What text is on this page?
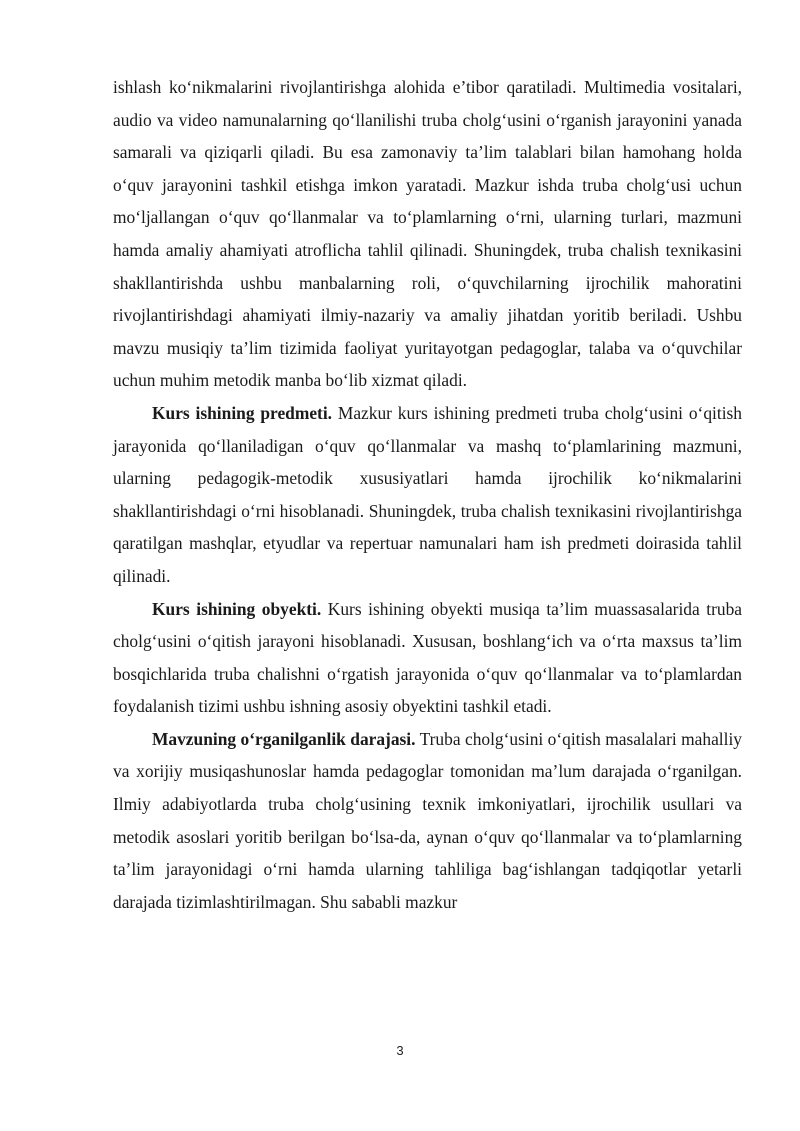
ishlash ko‘nikmalarini rivojlantirishga alohida e’tibor qaratiladi. Multimedia vositalari, audio va video namunalarning qo‘llanilishi truba cholg‘usini o‘rganish jarayonini yanada samarali va qiziqarli qiladi. Bu esa zamonaviy ta’lim talablari bilan hamohang holda o‘quv jarayonini tashkil etishga imkon yaratadi. Mazkur ishda truba cholg‘usi uchun mo‘ljallangan o‘quv qo‘llanmalar va to‘plamlarning o‘rni, ularning turlari, mazmuni hamda amaliy ahamiyati atroflicha tahlil qilinadi. Shuningdek, truba chalish texnikasini shakllantirishda ushbu manbalarning roli, o‘quvchilarning ijrochilik mahoratini rivojlantirishdagi ahamiyati ilmiy-nazariy va amaliy jihatdan yoritib beriladi. Ushbu mavzu musiqiy ta’lim tizimida faoliyat yuritayotgan pedagoglar, talaba va o‘quvchilar uchun muhim metodik manba bo‘lib xizmat qiladi.

Kurs ishining predmeti. Mazkur kurs ishining predmeti truba cholg‘usini o‘qitish jarayonida qo‘llaniladigan o‘quv qo‘llanmalar va mashq to‘plamlarining mazmuni, ularning pedagogik-metodik xususiyatlari hamda ijrochilik ko‘nikmalarini shakllantirishdagi o‘rni hisoblanadi. Shuningdek, truba chalish texnikasini rivojlantirishga qaratilgan mashqlar, etyudlar va repertuar namunalari ham ish predmeti doirasida tahlil qilinadi.

Kurs ishining obyekti. Kurs ishining obyekti musiqa ta’lim muassasalarida truba cholg‘usini o‘qitish jarayoni hisoblanadi. Xususan, boshlang‘ich va o‘rta maxsus ta’lim bosqichlarida truba chalishni o‘rgatish jarayonida o‘quv qo‘llanmalar va to‘plamlardan foydalanish tizimi ushbu ishning asosiy obyektini tashkil etadi.

Mavzuning o‘rganilganlik darajasi. Truba cholg‘usini o‘qitish masalalari mahalliy va xorijiy musiqashunoslar hamda pedagoglar tomonidan ma’lum darajada o‘rganilgan. Ilmiy adabiyotlarda truba cholg‘usining texnik imkoniyatlari, ijrochilik usullari va metodik asoslari yoritib berilgan bo‘lsa-da, aynan o‘quv qo‘llanmalar va to‘plamlarning ta’lim jarayonidagi o‘rni hamda ularning tahliliga bag‘ishlangan tadqiqotlar yetarli darajada tizimlashtirilmagan. Shu sababli mazkur

3
